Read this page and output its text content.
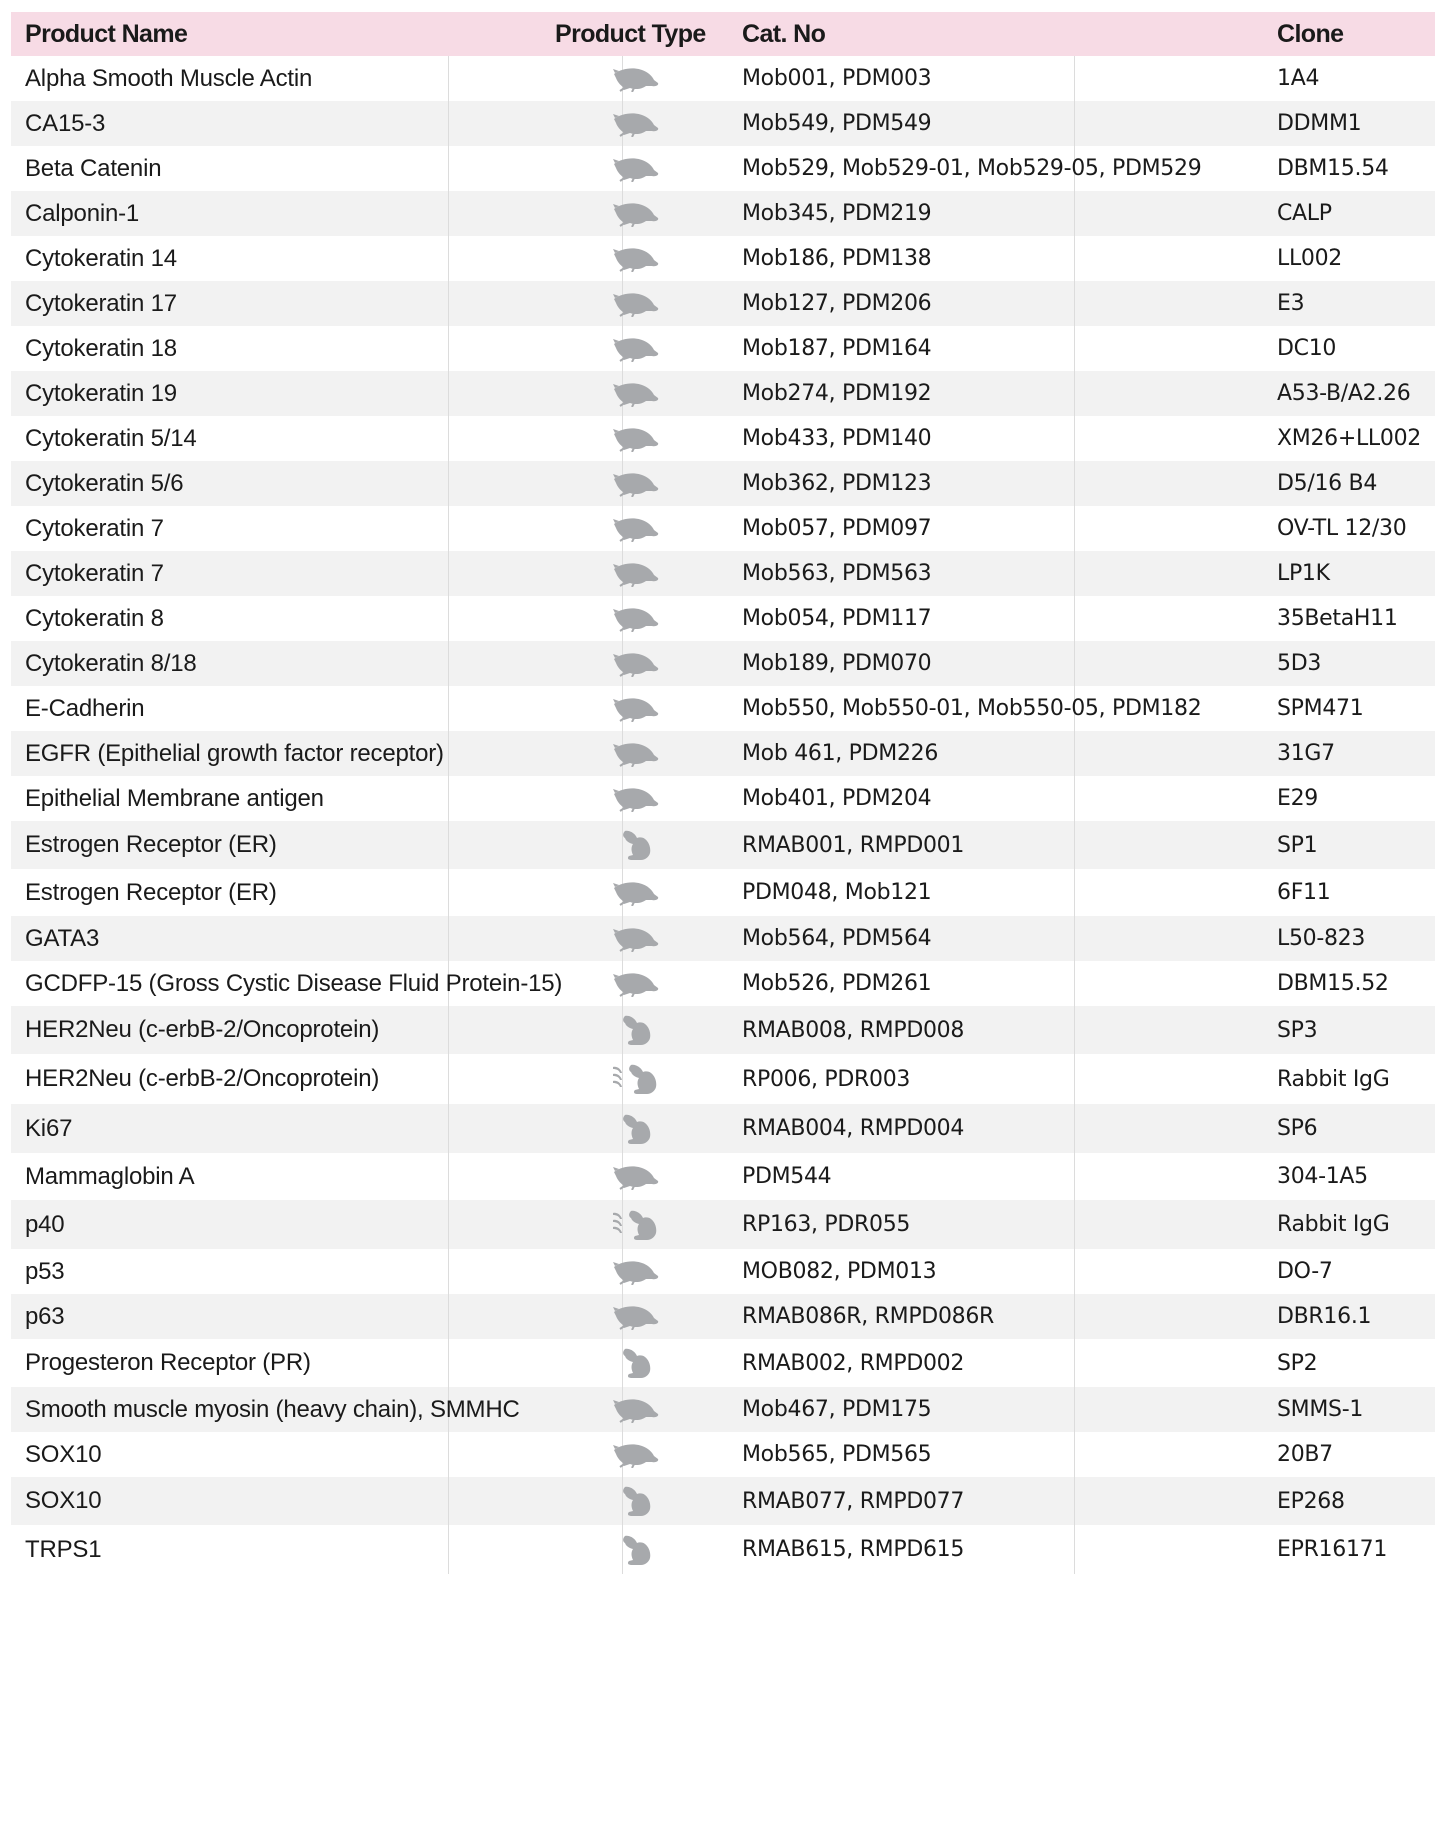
Product Name	Product Type	Cat. No	Clone
Alpha Smooth Muscle Actin	Mob001, PDM003	1A4
CA15-3	Mob549, PDM549	DDMM1
Beta Catenin	Mob529, Mob529-01, Mob529-05, PDM529	DBM15.54
Calponin-1	Mob345, PDM219	CALP
Cytokeratin 14	Mob186, PDM138	LL002
Cytokeratin 17	Mob127, PDM206	E3
Cytokeratin 18	Mob187, PDM164	DC10
Cytokeratin 19	Mob274, PDM192	A53-B/A2.26
Cytokeratin 5/14	Mob433, PDM140	XM26+LL002
Cytokeratin 5/6	Mob362, PDM123	D5/16 B4
Cytokeratin 7	Mob057, PDM097	OV-TL 12/30
Cytokeratin 7	Mob563, PDM563	LP1K
Cytokeratin 8	Mob054, PDM117	35BetaH11
Cytokeratin 8/18	Mob189, PDM070	5D3
E-Cadherin	Mob550, Mob550-01, Mob550-05, PDM182	SPM471
EGFR (Epithelial growth factor receptor)	Mob 461, PDM226	31G7
Epithelial Membrane antigen	Mob401, PDM204	E29
Estrogen Receptor (ER)	RMAB001, RMPD001	SP1
Estrogen Receptor (ER)	PDM048, Mob121	6F11
GATA3	Mob564, PDM564	L50-823
GCDFP-15 (Gross Cystic Disease Fluid Protein-15)	Mob526, PDM261	DBM15.52
HER2Neu (c-erbB-2/Oncoprotein)	RMAB008, RMPD008	SP3
HER2Neu (c-erbB-2/Oncoprotein)	RP006, PDR003	Rabbit IgG
Ki67	RMAB004, RMPD004	SP6
Mammaglobin A	PDM544	304-1A5
p40	RP163, PDR055	Rabbit IgG
p53	MOB082, PDM013	DO-7
p63	RMAB086R, RMPD086R	DBR16.1
Progesteron Receptor (PR)	RMAB002, RMPD002	SP2
Smooth muscle myosin (heavy chain), SMMHC	Mob467, PDM175	SMMS-1
SOX10	Mob565, PDM565	20B7
SOX10	RMAB077, RMPD077	EP268
TRPS1	RMAB615, RMPD615	EPR16171
